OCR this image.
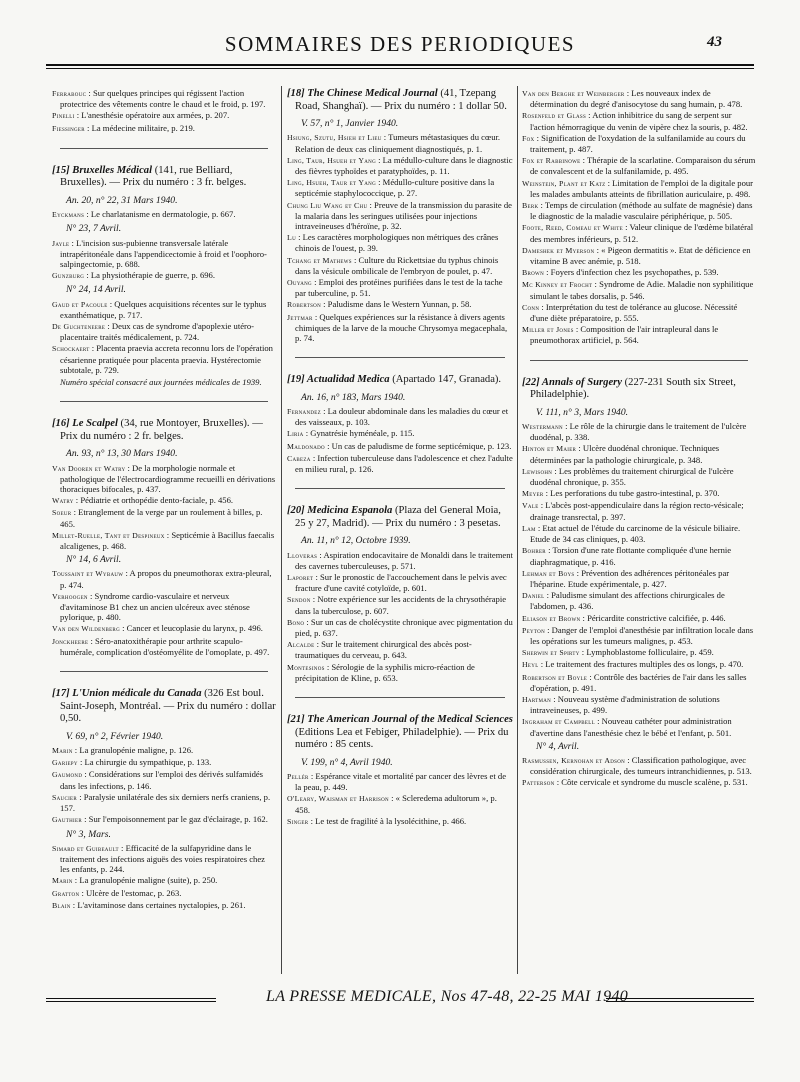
SOMMAIRES DES PERIODIQUES	43
Ferrabouc : Sur quelques principes qui régissent l'action protectrice des vêtements contre le chaud et le froid, p. 197.
Pinelli : L'anesthésie opératoire aux armées, p. 207.
Fiessinger : La médecine militaire, p. 219.
[15] Bruxelles Médical (141, rue Belliard, Bruxelles). — Prix du numéro : 3 fr. belges.
An. 20, n° 22, 31 Mars 1940.
Eyckmans : Le charlatanisme en dermatologie, p. 667.
N° 23, 7 Avril.
Jayle : L'incision sus-pubienne transversale latérale intrapéritonéale dans l'appendicectomie à froid et l'oophoro-salpingectomie, p. 688.
Gunzburg : La physiothérapie de guerre, p. 696.
N° 24, 14 Avril.
Gaud et Pacoule : Quelques acquisitions récentes sur le typhus exanthématique, p. 717.
De Guchteneere : Deux cas de syndrome d'apoplexie utéro-placentaire traités médicalement, p. 724.
Schockaert : Placenta praevia accreta reconnu lors de l'opération césarienne pratiquée pour placenta praevia. Hystérectomie subtotale, p. 729.
Numéro spécial consacré aux journées médicales de 1939.
[16] Le Scalpel (34, rue Montoyer, Bruxelles). — Prix du numéro : 2 fr. belges.
An. 93, n° 13, 30 Mars 1940.
Van Dooren et Watry : De la morphologie normale et pathologique de l'électrocardiogramme recueilli en dérivations thoraciques bifocales, p. 437.
Watry : Pédiatrie et orthopédie dento-faciale, p. 456.
Soeur : Etranglement de la verge par un roulement à billes, p. 465.
Millet-Ruelle, Tant et Despineux : Septicémie à Bacillus faecalis alcaligenes, p. 468.
N° 14, 6 Avril.
Toussaint et Wybauw : A propos du pneumothorax extra-pleural, p. 474.
Verhoogen : Syndrome cardio-vasculaire et nerveux d'avitaminose B1 chez un ancien ulcéreux avec sténose pylorique, p. 480.
Van den Wildenberg : Cancer et leucoplasie du larynx, p. 496.
Jonckheere : Séro-anatoxithérapie pour arthrite scapulo-humérale, complication d'ostéomyélite de l'omoplate, p. 497.
[17] L'Union médicale du Canada (326 Est boul. Saint-Joseph, Montréal. — Prix du numéro : dollar 0,50.
V. 69, n° 2, Février 1940.
Marin : La granulopénie maligne, p. 126.
Gariepy : La chirurgie du sympathique, p. 133.
Gaumond : Considérations sur l'emploi des dérivés sulfamidés dans les infections, p. 146.
Saucier : Paralysie unilatérale des six derniers nerfs craniens, p. 157.
Gauthier : Sur l'empoisonnement par le gaz d'éclairage, p. 162.
N° 3, Mars.
Simard et Guibeault : Efficacité de la sulfapyridine dans le traitement des infections aiguës des voies respiratoires chez les enfants, p. 244.
Marin : La granulopénie maligne (suite), p. 250.
Gratton : Ulcère de l'estomac, p. 263.
Blain : L'avitaminose dans certaines nyctalopies, p. 261.
[18] The Chinese Medical Journal (41, Tzepang Road, Shanghaï). — Prix du numéro : 1 dollar 50.
V. 57, n° 1, Janvier 1940.
Hsiung, Szutu, Hsieh et Lieu : Tumeurs métastasiques du cœur. Relation de deux cas cliniquement diagnostiqués, p. 1.
Ling, Taur, Hsueh et Yang : La médullo-culture dans le diagnostic des fièvres typhoïdes et paratyphoïdes, p. 11.
Ling, Hsueh, Taur et Yang : Médullo-culture positive dans la septicémie staphylococcique, p. 27.
Chung Liu Wang et Chu : Preuve de la transmission du parasite de la malaria dans les seringues utilisées pour injections intraveineuses d'héroïne, p. 32.
Lu : Les caractères morphologiques non métriques des crânes chinois de l'ouest, p. 39.
Tchang et Mathews : Culture du Rickettsiae du typhus chinois dans la vésicule ombilicale de l'embryon de poulet, p. 47.
Ouyang : Emploi des protéines purifiées dans le test de la tache par tuberculine, p. 51.
Robertson : Paludisme dans le Western Yunnan, p. 58.
Jettmar : Quelques expériences sur la résistance à divers agents chimiques de la larve de la mouche Chrysomya megacephala, p. 74.
[19] Actualidad Medica (Apartado 147, Granada).
An. 16, n° 183, Mars 1940.
Fernandez : La douleur abdominale dans les maladies du cœur et des vaisseaux, p. 103.
Liria : Gynatrésie hyménéale, p. 115.
Maldonado : Un cas de paludisme de forme septicémique, p. 123.
Cabeza : Infection tuberculeuse dans l'adolescence et chez l'adulte en milieu rural, p. 126.
[20] Medicina Espanola (Plaza del General Moia, 25 y 27, Madrid). — Prix du numéro : 3 pesetas.
An. 11, n° 12, Octobre 1939.
Lloveras : Aspiration endocavitaire de Monaldi dans le traitement des cavernes tuberculeuses, p. 571.
Laporet : Sur le pronostic de l'accouchement dans le pelvis avec fracture d'une cavité cotyloïde, p. 601.
Sendon : Notre expérience sur les accidents de la chrysothérapie dans la tuberculose, p. 607.
Bono : Sur un cas de cholécystite chronique avec pigmentation du pied, p. 637.
Alcalde : Sur le traitement chirurgical des abcès post-traumatiques du cerveau, p. 643.
Montesinos : Sérologie de la syphilis micro-réaction de précipitation de Kline, p. 653.
[21] The American Journal of the Medical Sciences (Editions Lea et Febiger, Philadelphie). — Prix du numéro : 85 cents.
V. 199, n° 4, Avril 1940.
Pellér : Espérance vitale et mortalité par cancer des lèvres et de la peau, p. 449.
O'Leary, Waisman et Harrison : « Scleredema adultorum », p. 458.
Singer : Le test de fragilité à la lysolécithine, p. 466.
Van den Berghe et Weinberger : Les nouveaux index de détermination du degré d'anisocytose du sang humain, p. 478.
Rosenfeld et Glass : Action inhibitrice du sang de serpent sur l'action hémorragique du venin de vipère chez la souris, p. 482.
Fox : Signification de l'oxydation de la sulfanilamide au cours du traitement, p. 487.
Fox et Rabbinowe : Thérapie de la scarlatine. Comparaison du sérum de convalescent et de la sulfanilamide, p. 495.
Weinstein, Plant et Katz : Limitation de l'emploi de la digitale pour les malades ambulants atteints de fibrillation auriculaire, p. 498.
Berk : Temps de circulation (méthode au sulfate de magnésie) dans le diagnostic de la maladie vasculaire périphérique, p. 505.
Foote, Reed, Comeau et White : Valeur clinique de l'œdème bilatéral des membres inférieurs, p. 512.
Dameshek et Myerson : « Pigeon dermatitis ». Etat de déficience en vitamine B avec anémie, p. 518.
Brown : Foyers d'infection chez les psychopathes, p. 539.
Mc Kinney et Frocht : Syndrome de Adie. Maladie non syphilitique simulant le tabes dorsalis, p. 546.
Conn : Interprétation du test de tolérance au glucose. Nécessité d'une diète préparatoire, p. 555.
Miller et Jones : Composition de l'air intrapleural dans le pneumothorax artificiel, p. 564.
[22] Annals of Surgery (227-231 South six Street, Philadelphie).
V. 111, n° 3, Mars 1940.
Westermann : Le rôle de la chirurgie dans le traitement de l'ulcère duodénal, p. 338.
Hinton et Maier : Ulcère duodénal chronique. Techniques déterminées par la pathologie chirurgicale, p. 348.
Lewisohn : Les problèmes du traitement chirurgical de l'ulcère duodénal chronique, p. 355.
Meyer : Les perforations du tube gastro-intestinal, p. 370.
Vale : L'abcès post-appendiculaire dans la région recto-vésicale; drainage transrectal, p. 397.
Lam : Etat actuel de l'étude du carcinome de la vésicule biliaire. Etude de 34 cas cliniques, p. 403.
Bohrer : Torsion d'une rate flottante compliquée d'une hernie diaphragmatique, p. 416.
Lehman et Boys : Prévention des adhérences péritonéales par l'héparine. Etude expérimentale, p. 427.
Daniel : Paludisme simulant des affections chirurgicales de l'abdomen, p. 436.
Eliason et Brown : Péricardite constrictive calcifiée, p. 446.
Peyton : Danger de l'emploi d'anesthésie par infiltration locale dans les opérations sur les tumeurs malignes, p. 453.
Sherwin et Spirty : Lymphoblastome folliculaire, p. 459.
Heyl : Le traitement des fractures multiples des os longs, p. 470.
Robertson et Boyle : Contrôle des bactéries de l'air dans les salles d'opération, p. 491.
Hartman : Nouveau système d'administration de solutions intraveineuses, p. 499.
Ingraham et Campbell : Nouveau cathéter pour administration d'avertine dans l'anesthésie chez le bébé et l'enfant, p. 501.
N° 4, Avril.
Rasmussen, Kernohan et Adson : Classification pathologique, avec considération chirurgicale, des tumeurs intranchidiennes, p. 513.
Patterson : Côte cervicale et syndrome du muscle scalène, p. 531.
LA PRESSE MEDICALE, Nos 47-48, 22-25 MAI 1940
